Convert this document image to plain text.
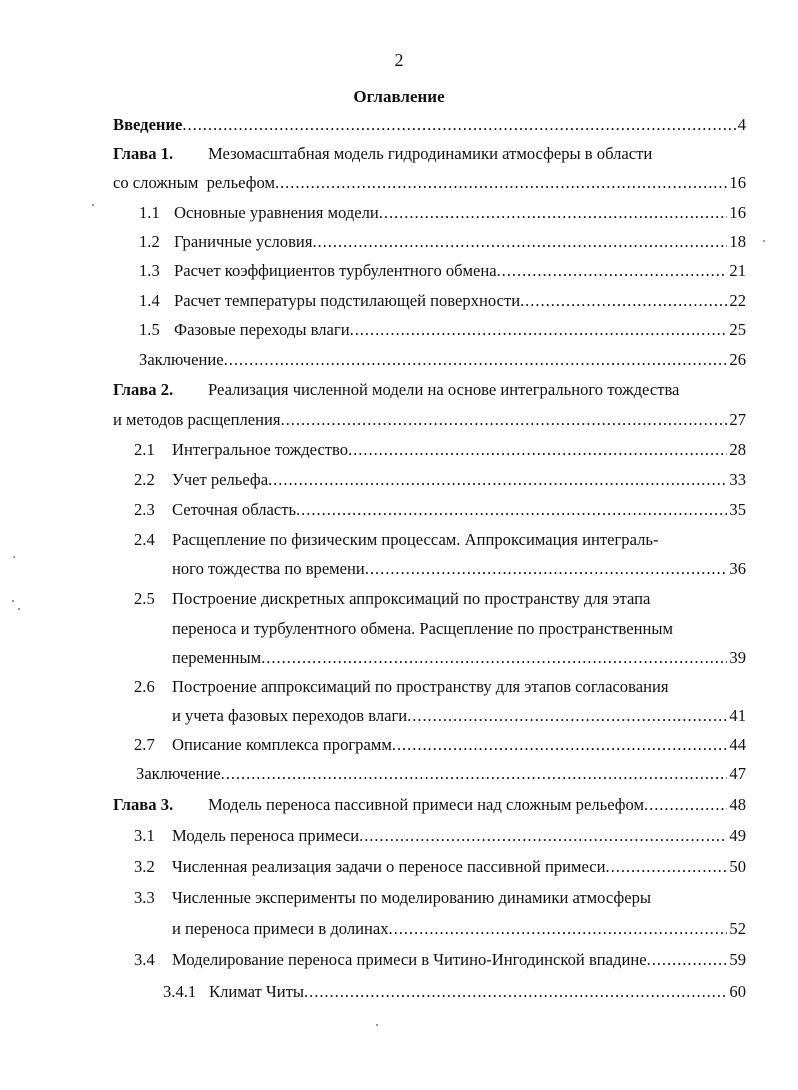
2
Оглавление
Введение . . .	4
Глава 1. Мезомасштабная модель гидродинамики атмосферы в области
со сложным  рельефом . . .	16
1.1 Основные уравнения модели . . .	16
1.2 Граничные условия . . .	18
1.3 Расчет коэффициентов турбулентного обмена . . .	21
1.4 Расчет температуры подстилающей поверхности . . .	22
1.5 Фазовые переходы влаги . . .	25
Заключение . . .	26
Глава 2. Реализация численной модели на основе интегрального тождества
и методов расщепления . . .	27
2.1	Интегральное тождество . . .	28
2.2	Учет рельефа . . .	33
2.3	Сеточная область . . .	35
2.4 Расщепление по физическим процессам. Аппроксимация интеграль-
ного тождества по времени . . .	36
2.5 Построение дискретных аппроксимаций по пространству для этапа
переноса и турбулентного обмена. Расщепление по пространственным
переменным . . .	39
2.6 Построение аппроксимаций по пространству для этапов согласования
и учета фазовых переходов влаги . . .	41
2.7	Описание комплекса программ . . .	44
Заключение . . .	47
Глава 3.	Модель переноса пассивной примеси над сложным рельефом . . .	48
3.1	Модель переноса примеси . . .	49
3.2	Численная реализация задачи о переносе пассивной примеси . . .	50
3.3 Численные эксперименты по моделированию динамики атмосферы
и переноса примеси в долинах . . .	52
3.4	Моделирование переноса примеси в Читино-Ингодинской впадине . . .	59
3.4.1 Климат Читы . . .	60
